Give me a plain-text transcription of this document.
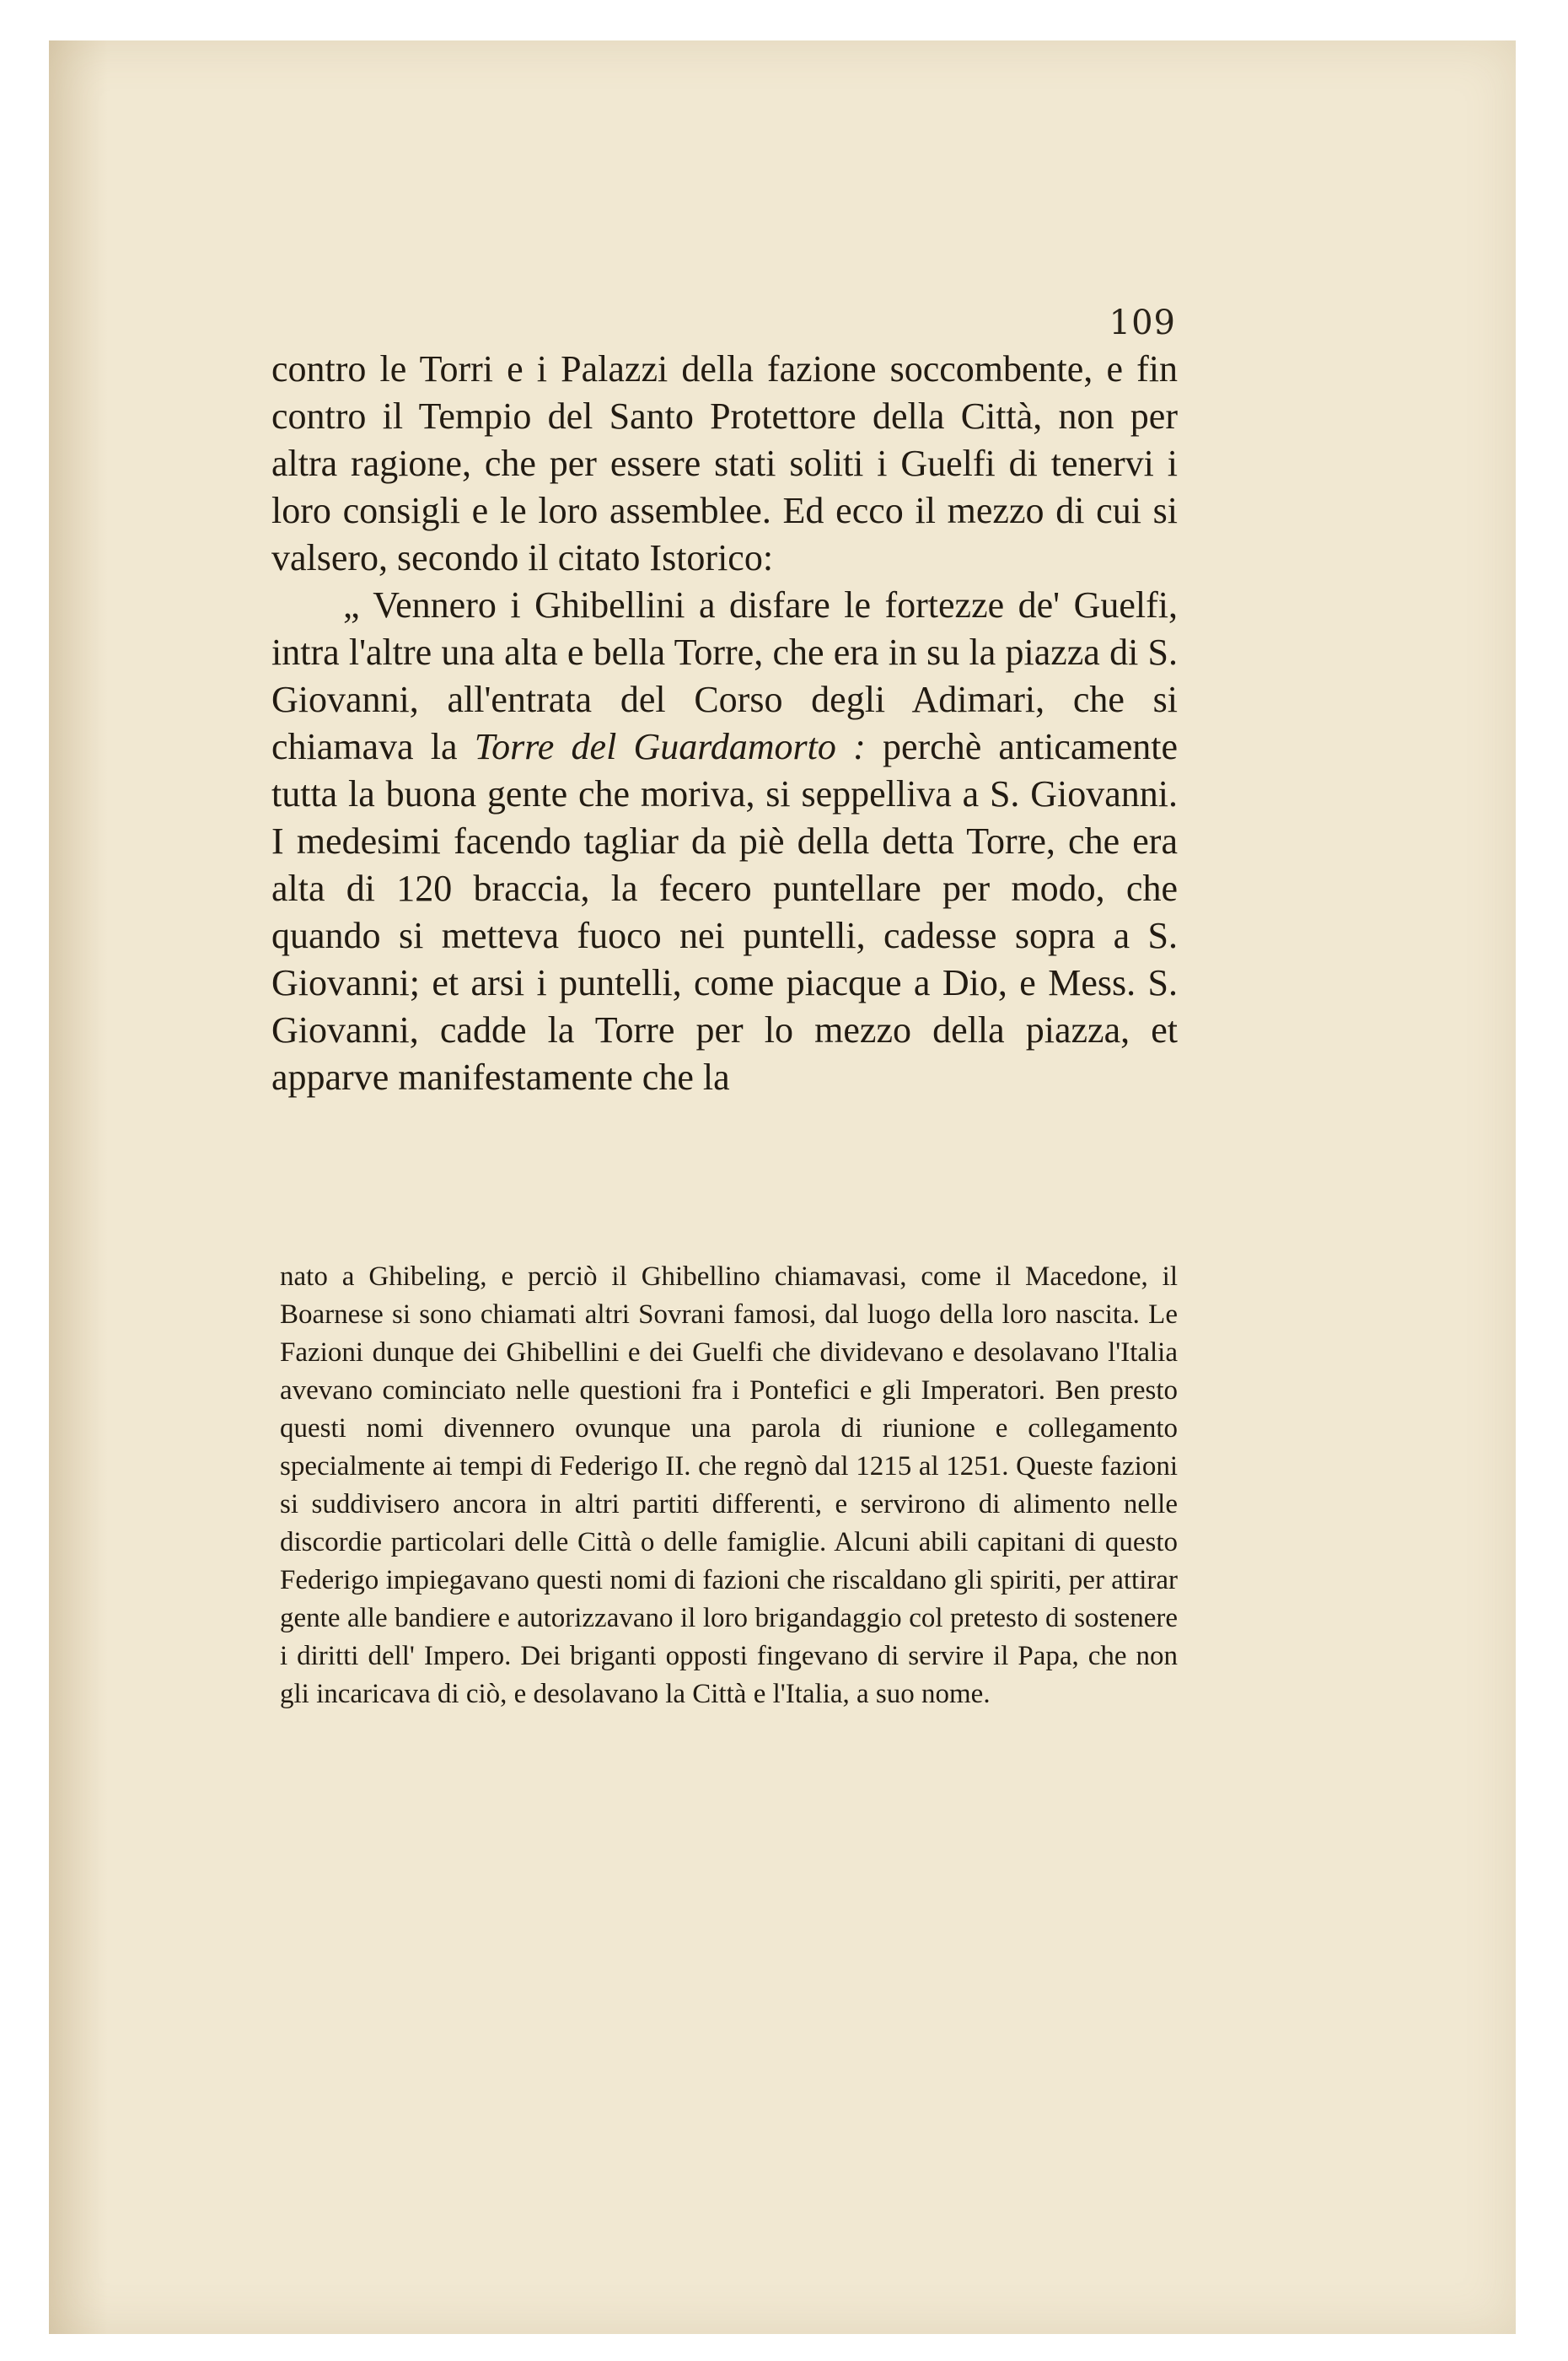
109

contro le Torri e i Palazzi della fazione soccombente, e fin contro il Tempio del Santo Protettore della Città, non per altra ragione, che per essere stati soliti i Guelfi di tenervi i loro consigli e le loro assemblee. Ed ecco il mezzo di cui si valsero, secondo il citato Istorico:

„ Vennero i Ghibellini a disfare le fortezze de' Guelfi, intra l'altre una alta e bella Torre, che era in su la piazza di S. Giovanni, all'entrata del Corso degli Adimari, che si chiamava la Torre del Guardamorto : perchè anticamente tutta la buona gente che moriva, si seppelliva a S. Giovanni. I medesimi facendo tagliar da piè della detta Torre, che era alta di 120 braccia, la fecero puntellare per modo, che quando si metteva fuoco nei puntelli, cadesse sopra a S. Giovanni; et arsi i puntelli, come piacque a Dio, e Mess. S. Giovanni, cadde la Torre per lo mezzo della piazza, et apparve manifestamente che la

nato a Ghibeling, e perciò il Ghibellino chiamavasi, come il Macedone, il Boarnese si sono chiamati altri Sovrani famosi, dal luogo della loro nascita. Le Fazioni dunque dei Ghibellini e dei Guelfi che dividevano e desolavano l'Italia avevano cominciato nelle questioni fra i Pontefici e gli Imperatori. Ben presto questi nomi divennero ovunque una parola di riunione e collegamento specialmente ai tempi di Federigo II. che regnò dal 1215 al 1251. Queste fazioni si suddivisero ancora in altri partiti differenti, e servirono di alimento nelle discordie particolari delle Città o delle famiglie. Alcuni abili capitani di questo Federigo impiegavano questi nomi di fazioni che riscaldano gli spiriti, per attirar gente alle bandiere e autorizzavano il loro brigandaggio col pretesto di sostenere i diritti dell' Impero. Dei briganti opposti fingevano di servire il Papa, che non gli incaricava di ciò, e desolavano la Città e l'Italia, a suo nome.
